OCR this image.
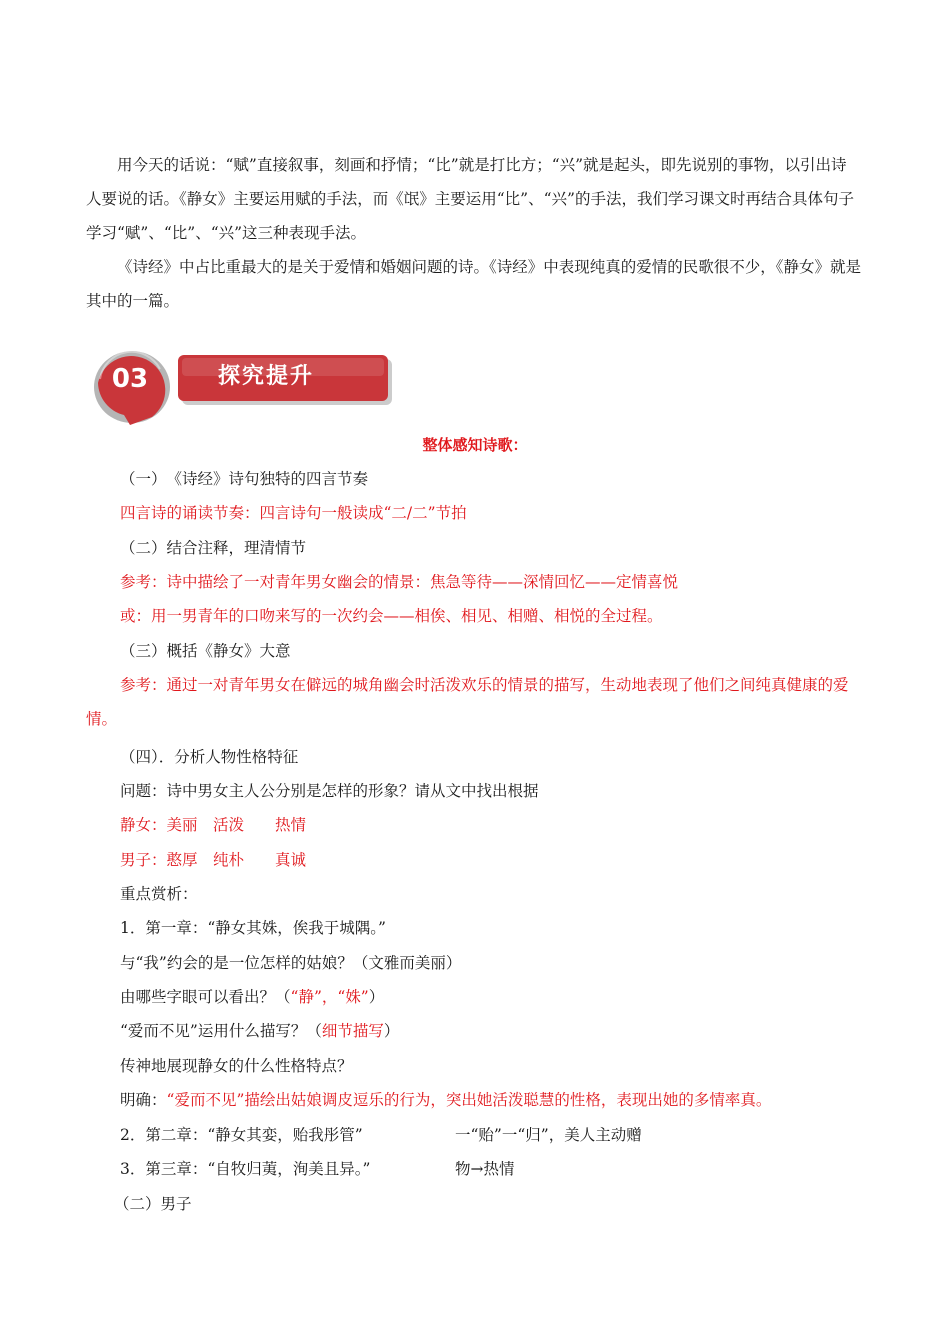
用今天的话说：“赋”直接叙事，刻画和抒情；“比”就是打比方；“兴”就是起头，即先说别的事物，以引出诗人要说的话。《静女》主要运用赋的手法，而《氓》主要运用“比”、“兴”的手法，我们学习课文时再结合具体句子学习“赋”、“比”、“兴”这三种表现手法。

《诗经》中占比重最大的是关于爱情和婚姻问题的诗。《诗经》中表现纯真的爱情的民歌很不少，《静女》就是其中的一篇。

03	探究提升
整体感知诗歌：
（一）　《诗经》诗句独特的四言节奏
四言诗的诵读节奏：四言诗句一般读成“二/二”节拍
（二）结合注释，理清情节
参考：诗中描绘了一对青年男女幽会的情景：焦急等待——深情回忆——定情喜悦
或：用一男青年的口吻来写的一次约会——相俟、相见、相赠、相悦的全过程。
（三）概括《静女》大意

参考：通过一对青年男女在僻远的城角幽会时活泼欢乐的情景的描写，生动地表现了他们之间纯真健康的爱情。

（四）．分析人物性格特征
问题：诗中男女主人公分别是怎样的形象？请从文中找出根据
静女：美丽　活泼　　热情
男子：憨厚　纯朴　　真诚
重点赏析：
1．第一章：“静女其姝，俟我于城隅。”
与“我”约会的是一位怎样的姑娘？（文雅而美丽）
由哪些字眼可以看出？（“静”，“姝”）
“爱而不见”运用什么描写？（细节描写）
传神地展现静女的什么性格特点？
明确：“爱而不见”描绘出姑娘调皮逗乐的行为，突出她活泼聪慧的性格，表现出她的多情率真。
2．第二章：“静女其娈，贻我彤管”	一“贻”一“归”，美人主动赠
3．第三章：“自牧归荑，洵美且异。”	物→热情
（二）男子
